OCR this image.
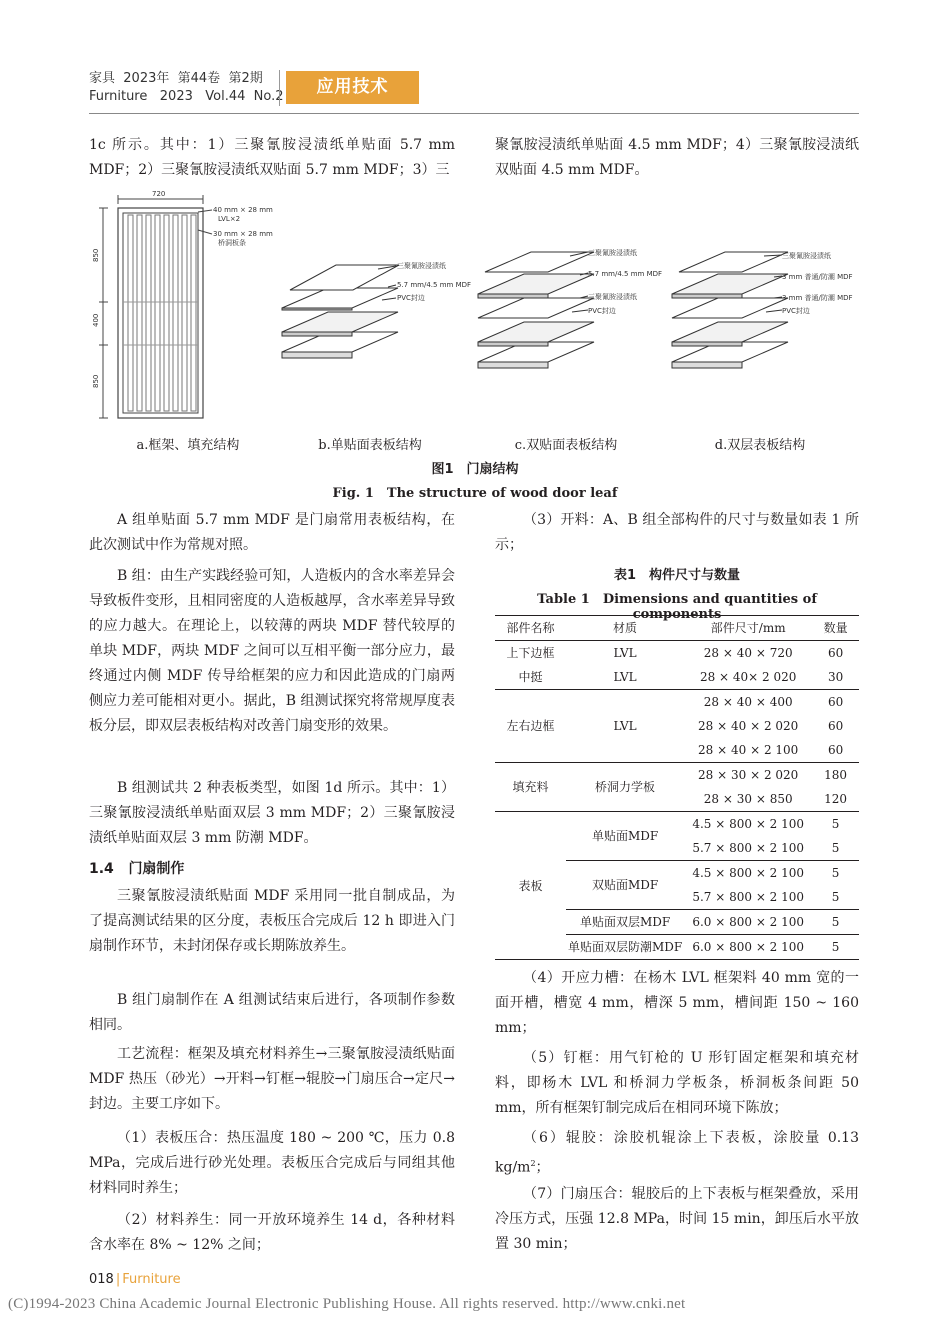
家具 2023年 第44卷 第2期
Furniture 2023 Vol.44 No.2	应用技术
1c 所示。其中：1）三聚氰胺浸渍纸单贴面 5.7 mm MDF；2）三聚氰胺浸渍纸双贴面 5.7 mm MDF；3）三
聚氰胺浸渍纸单贴面 4.5 mm MDF；4）三聚氰胺浸渍纸双贴面 4.5 mm MDF。
720
850
400
850
40 mm × 28 mm
LVL×2
30 mm × 28 mm
桥洞板条
三聚氰胺浸渍纸
5.7 mm/4.5 mm MDF
PVC封边
三聚氰胺浸渍纸
5.7 mm/4.5 mm MDF
三聚氰胺浸渍纸
PVC封边
三聚氰胺浸渍纸
3 mm 普通/防潮 MDF
3 mm 普通/防潮 MDF
PVC封边
a.框架、填充结构	b.单贴面表板结构	c.双贴面表板结构	d.双层表板结构
图1　门扇结构
Fig. 1　The structure of wood door leaf
A 组单贴面 5.7 mm MDF 是门扇常用表板结构，在此次测试中作为常规对照。
B 组：由生产实践经验可知，人造板内的含水率差异会导致板件变形，且相同密度的人造板越厚，含水率差异导致的应力越大。在理论上，以较薄的两块 MDF 替代较厚的单块 MDF，两块 MDF 之间可以互相平衡一部分应力，最终通过内侧 MDF 传导给框架的应力和因此造成的门扇两侧应力差可能相对更小。据此，B 组测试探究将常规厚度表板分层，即双层表板结构对改善门扇变形的效果。
B 组测试共 2 种表板类型，如图 1d 所示。其中：1）三聚氰胺浸渍纸单贴面双层 3 mm MDF；2）三聚氰胺浸渍纸单贴面双层 3 mm 防潮 MDF。
1.4 门扇制作
三聚氰胺浸渍纸贴面 MDF 采用同一批自制成品，为了提高测试结果的区分度，表板压合完成后 12 h 即进入门扇制作环节，未封闭保存或长期陈放养生。
B 组门扇制作在 A 组测试结束后进行，各项制作参数相同。
工艺流程：框架及填充材料养生→三聚氰胺浸渍纸贴面 MDF 热压（砂光）→开料→钉框→辊胶→门扇压合→定尺→封边。主要工序如下。
（1）表板压合：热压温度 180 ~ 200 ℃，压力 0.8 MPa，完成后进行砂光处理。表板压合完成后与同组其他材料同时养生；
（2）材料养生：同一开放环境养生 14 d，各种材料含水率在 8% ~ 12% 之间；
（3）开料：A、B 组全部构件的尺寸与数量如表 1 所示；
表1　构件尺寸与数量
Table 1　Dimensions and quantities of components
部件名称	材质	部件尺寸/mm	数量
上下边框	LVL	28 × 40 × 720	60
中挺	LVL	28 × 40× 2 020	30
左右边框	LVL	28 × 40 × 400	60
		28 × 40 × 2 020	60
		28 × 40 × 2 100	60
填充料	桥洞力学板	28 × 30 × 2 020	180
		28 × 30 × 850	120
表板	单贴面MDF	4.5 × 800 × 2 100	5
		5.7 × 800 × 2 100	5
	双贴面MDF	4.5 × 800 × 2 100	5
		5.7 × 800 × 2 100	5
	单贴面双层MDF	6.0 × 800 × 2 100	5
	单贴面双层防潮MDF	6.0 × 800 × 2 100	5
（4）开应力槽：在杨木 LVL 框架料 40 mm 宽的一面开槽，槽宽 4 mm，槽深 5 mm，槽间距 150 ~ 160 mm；
（5）钉框：用气钉枪的 U 形钉固定框架和填充材料，即杨木 LVL 和桥洞力学板条，桥洞板条间距 50 mm，所有框架钉制完成后在相同环境下陈放；
（6）辊胶：涂胶机辊涂上下表板，涂胶量 0.13 $kg/m^2$；
（7）门扇压合：辊胶后的上下表板与框架叠放，采用冷压方式，压强 12.8 MPa，时间 15 min，卸压后水平放置 30 min；
018 | Furniture
(C)1994-2023 China Academic Journal Electronic Publishing House. All rights reserved. http://www.cnki.net
